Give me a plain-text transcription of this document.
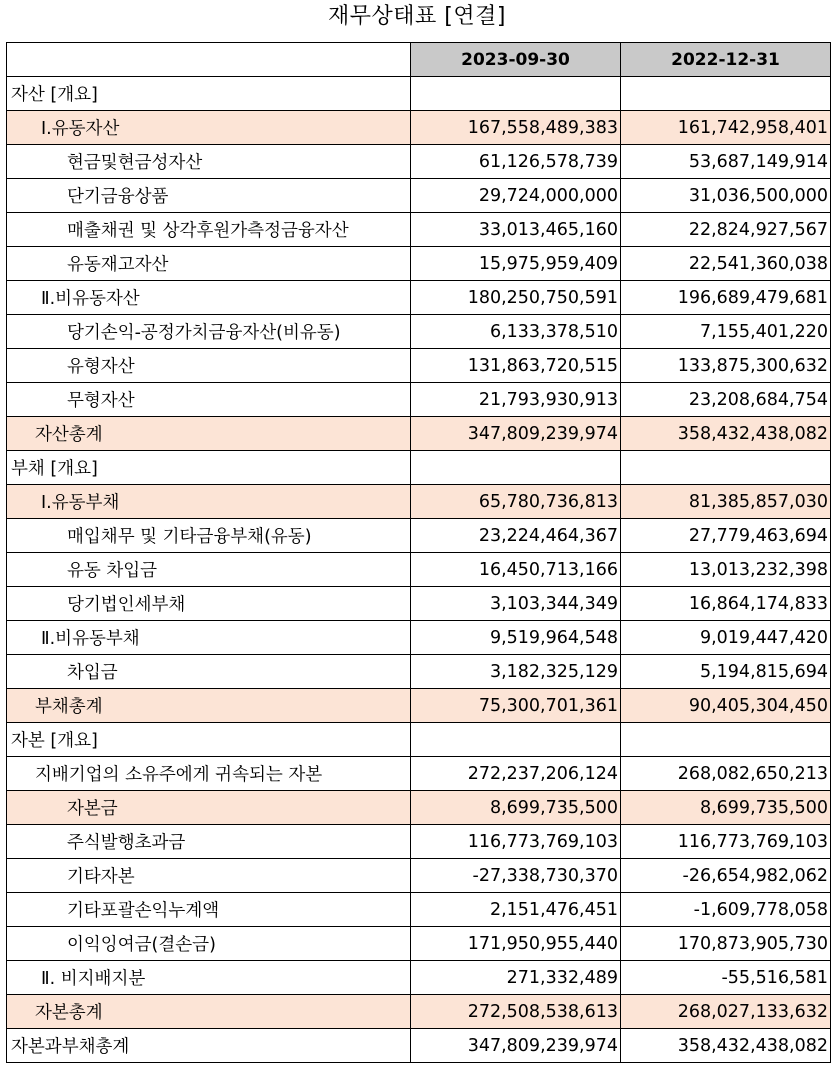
재무상태표 [연결]
	2023-09-30	2022-12-31
자산 [개요]		
Ⅰ.유동자산	167,558,489,383	161,742,958,401
현금및현금성자산	61,126,578,739	53,687,149,914
단기금융상품	29,724,000,000	31,036,500,000
매출채권 및 상각후원가측정금융자산	33,013,465,160	22,824,927,567
유동재고자산	15,975,959,409	22,541,360,038
Ⅱ.비유동자산	180,250,750,591	196,689,479,681
당기손익-공정가치금융자산(비유동)	6,133,378,510	7,155,401,220
유형자산	131,863,720,515	133,875,300,632
무형자산	21,793,930,913	23,208,684,754
자산총계	347,809,239,974	358,432,438,082
부채 [개요]		
Ⅰ.유동부채	65,780,736,813	81,385,857,030
매입채무 및 기타금융부채(유동)	23,224,464,367	27,779,463,694
유동 차입금	16,450,713,166	13,013,232,398
당기법인세부채	3,103,344,349	16,864,174,833
Ⅱ.비유동부채	9,519,964,548	9,019,447,420
차입금	3,182,325,129	5,194,815,694
부채총계	75,300,701,361	90,405,304,450
자본 [개요]		
지배기업의 소유주에게 귀속되는 자본	272,237,206,124	268,082,650,213
자본금	8,699,735,500	8,699,735,500
주식발행초과금	116,773,769,103	116,773,769,103
기타자본	-27,338,730,370	-26,654,982,062
기타포괄손익누계액	2,151,476,451	-1,609,778,058
이익잉여금(결손금)	171,950,955,440	170,873,905,730
Ⅱ. 비지배지분	271,332,489	-55,516,581
자본총계	272,508,538,613	268,027,133,632
자본과부채총계	347,809,239,974	358,432,438,082
